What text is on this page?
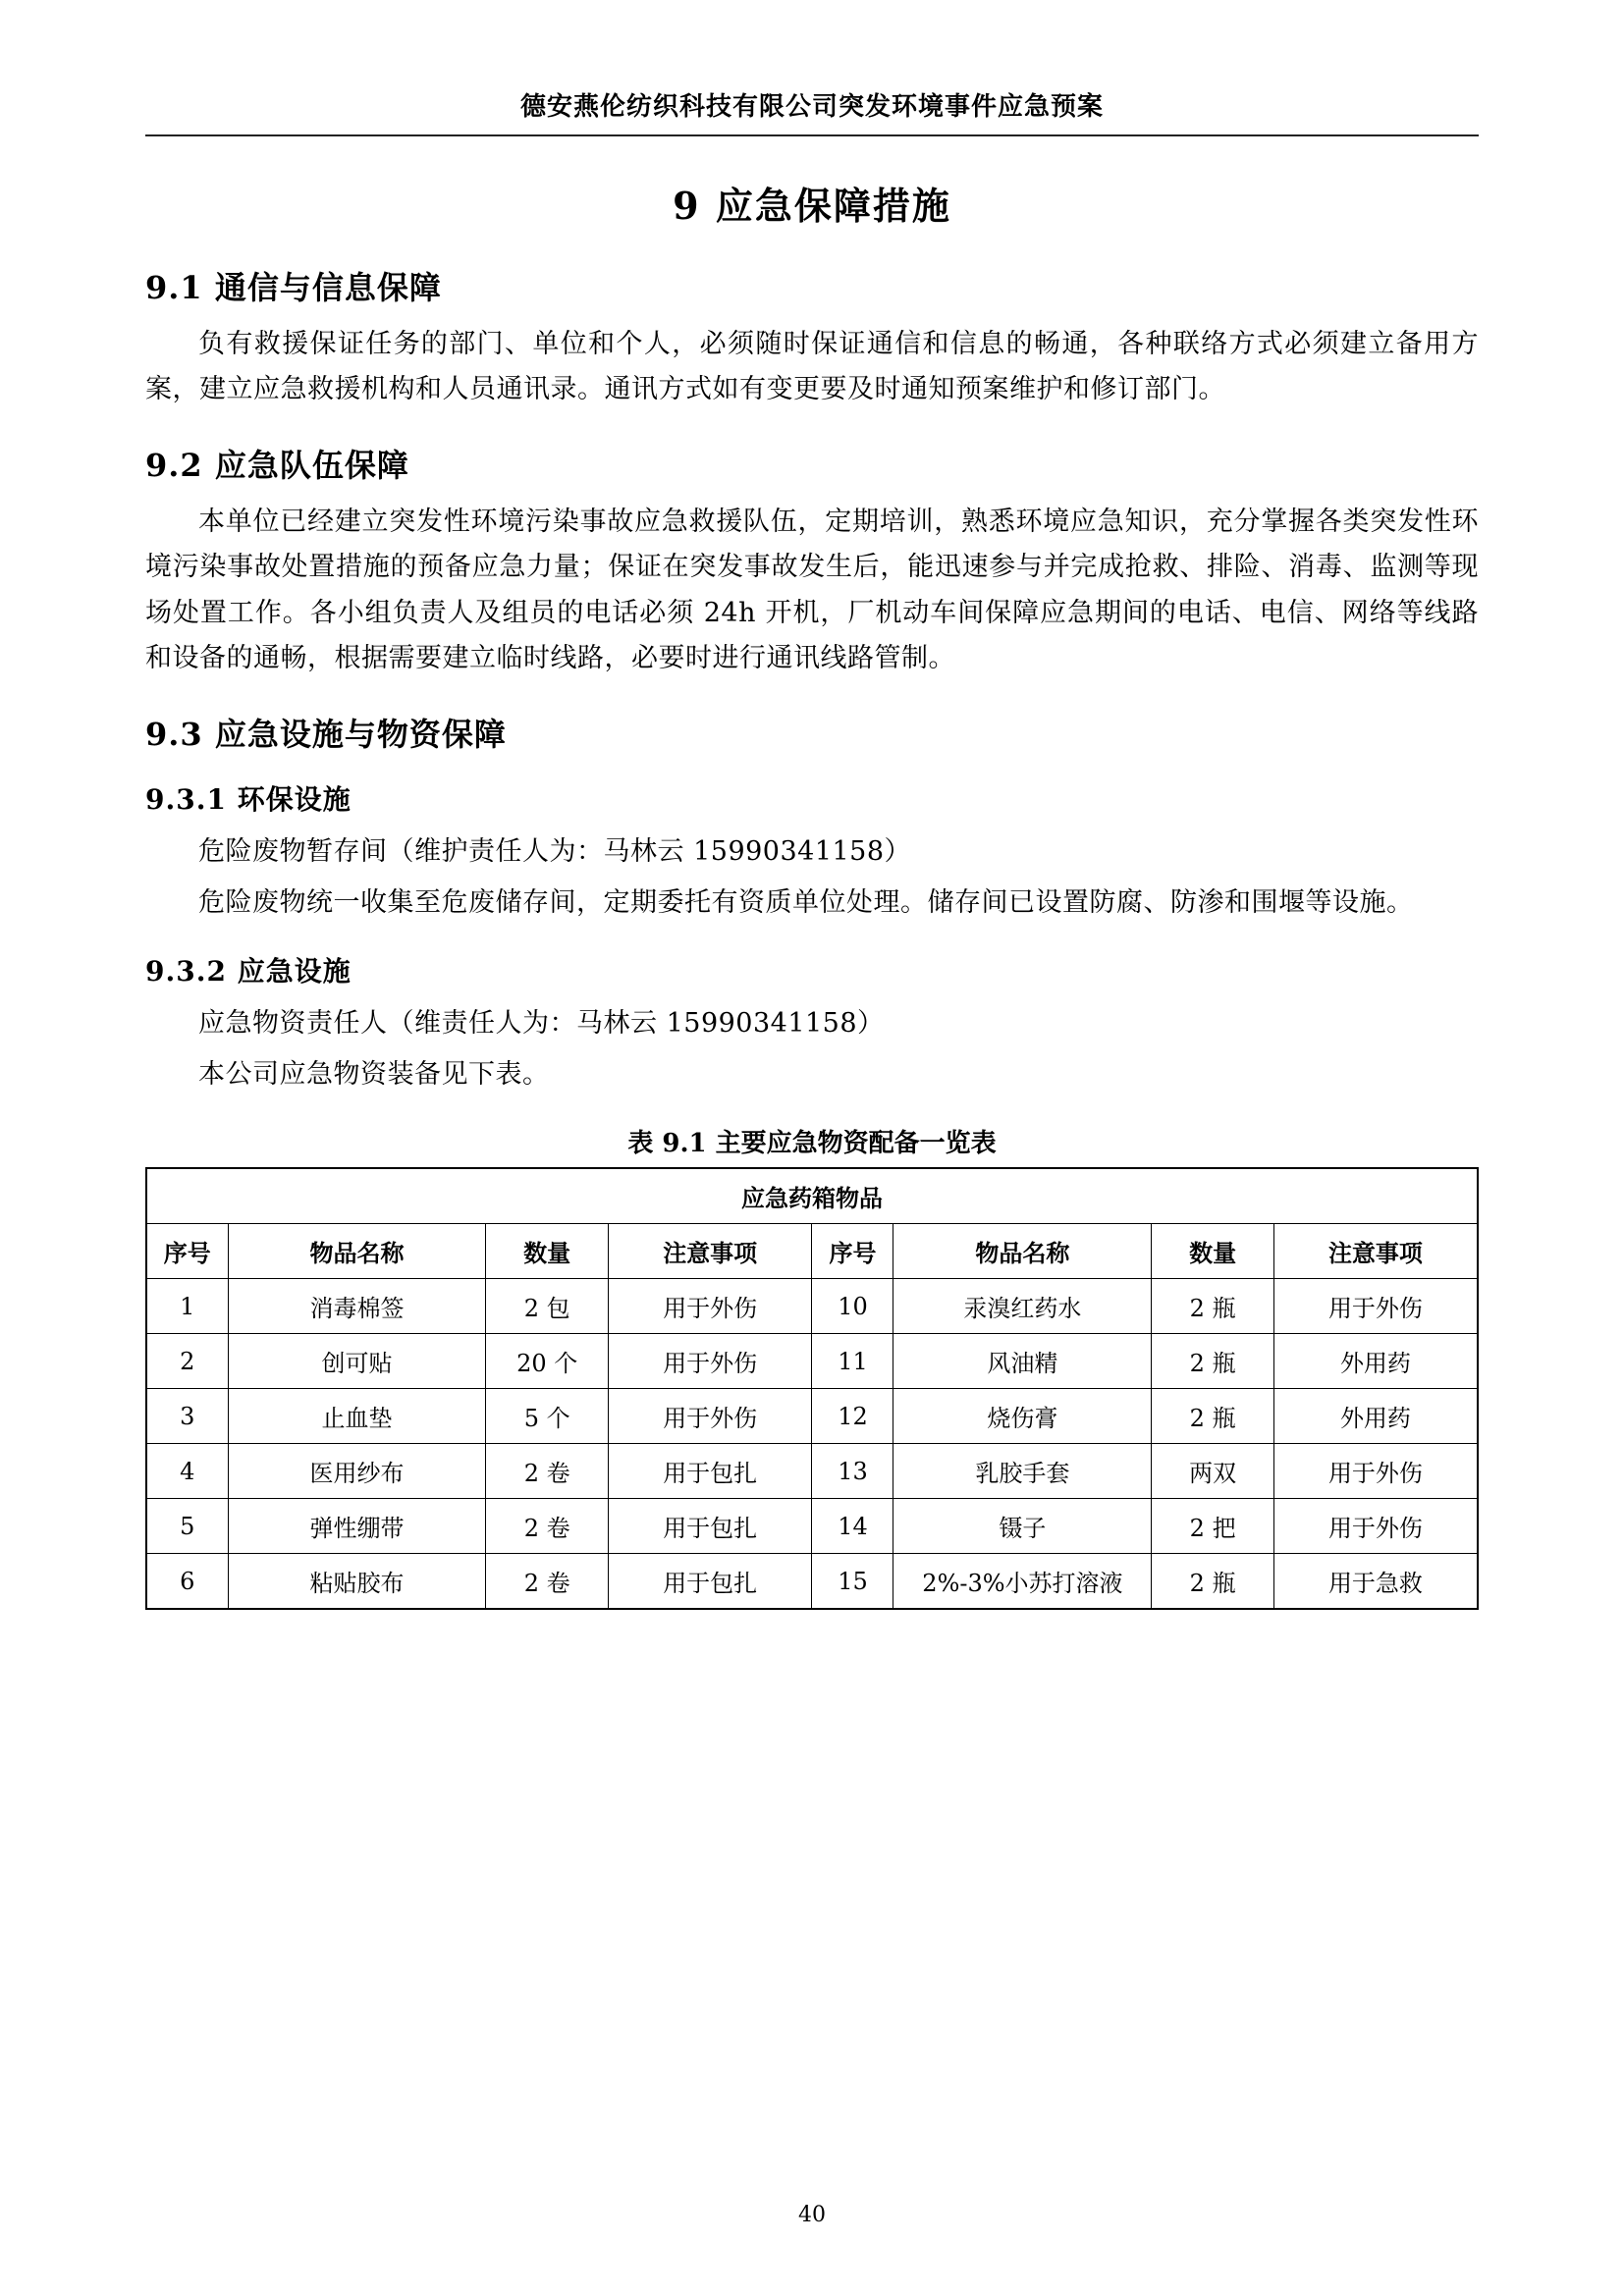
德安燕伦纺织科技有限公司突发环境事件应急预案
9 应急保障措施
9.1 通信与信息保障

负有救援保证任务的部门、单位和个人，必须随时保证通信和信息的畅通，各种联络方式必须建立备用方案，建立应急救援机构和人员通讯录。通讯方式如有变更要及时通知预案维护和修订部门。

9.2 应急队伍保障

本单位已经建立突发性环境污染事故应急救援队伍，定期培训，熟悉环境应急知识，充分掌握各类突发性环境污染事故处置措施的预备应急力量；保证在突发事故发生后，能迅速参与并完成抢救、排险、消毒、监测等现场处置工作。各小组负责人及组员的电话必须 24h 开机，厂机动车间保障应急期间的电话、电信、网络等线路和设备的通畅，根据需要建立临时线路，必要时进行通讯线路管制。

9.3 应急设施与物资保障
9.3.1 环保设施

危险废物暂存间（维护责任人为：马林云 15990341158）

危险废物统一收集至危废储存间，定期委托有资质单位处理。储存间已设置防腐、防渗和围堰等设施。

9.3.2 应急设施

应急物资责任人（维责任人为：马林云 15990341158）

本公司应急物资装备见下表。

表 9.1 主要应急物资配备一览表
应急药箱物品							
序号	物品名称	数量	注意事项	序号	物品名称	数量	注意事项
1	消毒棉签	2 包	用于外伤	10	汞溴红药水	2 瓶	用于外伤
2	创可贴	20 个	用于外伤	11	风油精	2 瓶	外用药
3	止血垫	5 个	用于外伤	12	烧伤膏	2 瓶	外用药
4	医用纱布	2 卷	用于包扎	13	乳胶手套	两双	用于外伤
5	弹性绷带	2 卷	用于包扎	14	镊子	2 把	用于外伤
6	粘贴胶布	2 卷	用于包扎	15	2%-3%小苏打溶液	2 瓶	用于急救
40
